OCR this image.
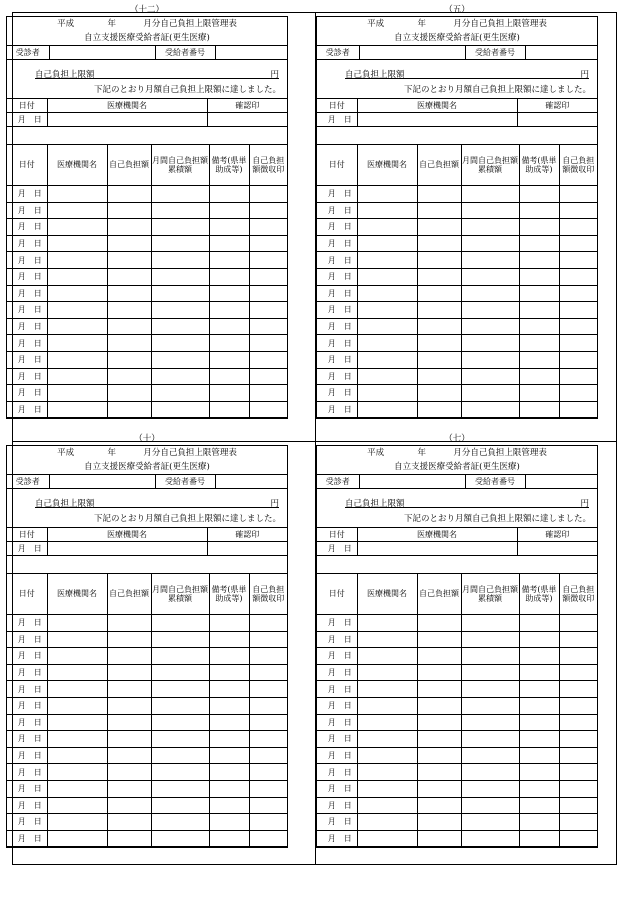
（十二）
平成	年	月分自己負担上限管理表
自立支援医療受給者証(更生医療)
受診者		受給者番号	
自己負担上限額	円
下記のとおり月額自己負担上限額に達しました。
日付	医療機関名	確認印
月　日		
日付	医療機関名	自己負担額	月間自己負担額累積額	備考(県単助成等)	自己負担額徴収印
月　日					
月　日					
月　日					
月　日					
月　日					
月　日					
月　日					
月　日					
月　日					
月　日					
月　日					
月　日					
月　日					
月　日					
（五）
平成	年	月分自己負担上限管理表
自立支援医療受給者証(更生医療)
受診者		受給者番号	
自己負担上限額	円
下記のとおり月額自己負担上限額に達しました。
日付	医療機関名	確認印
月　日		
日付	医療機関名	自己負担額	月間自己負担額累積額	備考(県単助成等)	自己負担額徴収印
月　日					
月　日					
月　日					
月　日					
月　日					
月　日					
月　日					
月　日					
月　日					
月　日					
月　日					
月　日					
月　日					
月　日					
（十）
平成	年	月分自己負担上限管理表
自立支援医療受給者証(更生医療)
受診者		受給者番号	
自己負担上限額	円
下記のとおり月額自己負担上限額に達しました。
日付	医療機関名	確認印
月　日		
日付	医療機関名	自己負担額	月間自己負担額累積額	備考(県単助成等)	自己負担額徴収印
月　日					
月　日					
月　日					
月　日					
月　日					
月　日					
月　日					
月　日					
月　日					
月　日					
月　日					
月　日					
月　日					
月　日					
（七）
平成	年	月分自己負担上限管理表
自立支援医療受給者証(更生医療)
受診者		受給者番号	
自己負担上限額	円
下記のとおり月額自己負担上限額に達しました。
日付	医療機関名	確認印
月　日		
日付	医療機関名	自己負担額	月間自己負担額累積額	備考(県単助成等)	自己負担額徴収印
月　日					
月　日					
月　日					
月　日					
月　日					
月　日					
月　日					
月　日					
月　日					
月　日					
月　日					
月　日					
月　日					
月　日					
